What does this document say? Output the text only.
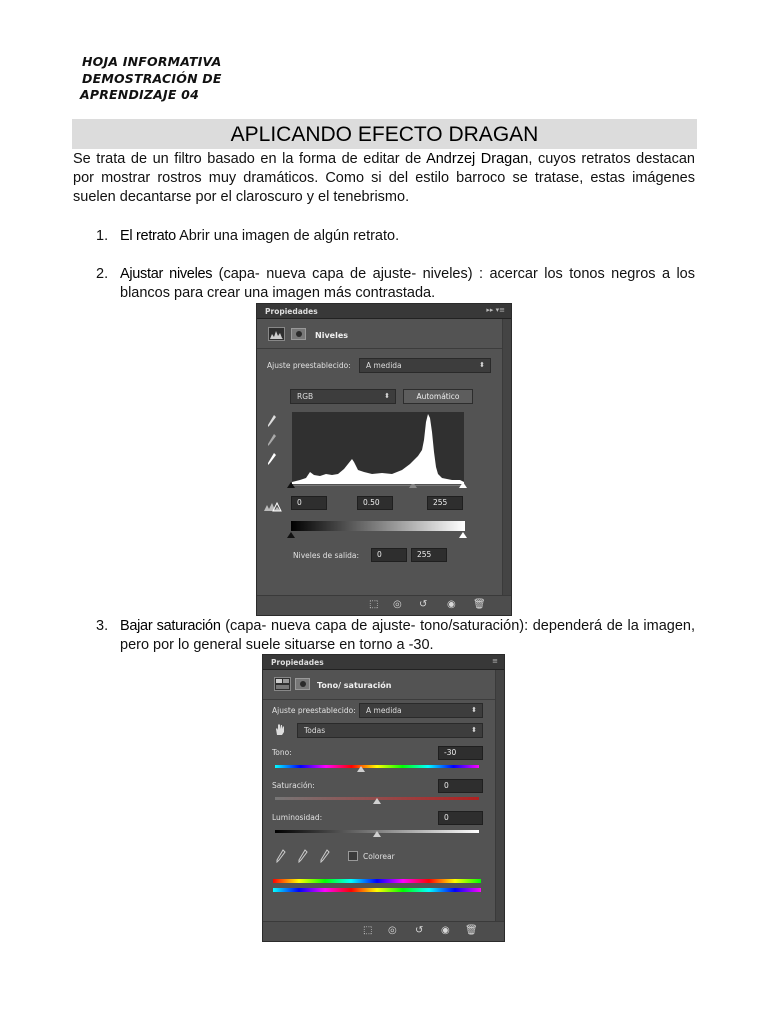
HOJA INFORMATIVA
DEMOSTRACIÓN DE
APRENDIZAJE 04
APLICANDO EFECTO DRAGAN
Se trata de un filtro basado en la forma de editar de Andrzej Dragan, cuyos retratos destacan por mostrar rostros muy dramáticos. Como si del estilo barroco se tratase, estas imágenes suelen decantarse por el claroscuro y el tenebrismo.
1. El retrato Abrir una imagen de algún retrato.
2. Ajustar niveles (capa- nueva capa de ajuste- niveles) : acercar los tonos negros a los blancos para crear una imagen más contrastada.
Propiedades	▸▸ ▾≡
Niveles
Ajuste preestablecido:	A medida	⬍
RGB	⬍	Automático
0	0.50	255
Niveles de salida:	0	255
⬚ ◎ ↺ ◉ 🗑
3. Bajar saturación (capa- nueva capa de ajuste- tono/saturación): dependerá de la imagen, pero por lo general suele situarse en torno a -30.
Propiedades	≡
Tono/ saturación
Ajuste preestablecido:	A medida	⬍
Todas	⬍
Tono:	-30
Saturación:	0
Luminosidad:	0
Colorear
⬚ ◎ ↺ ◉ 🗑
